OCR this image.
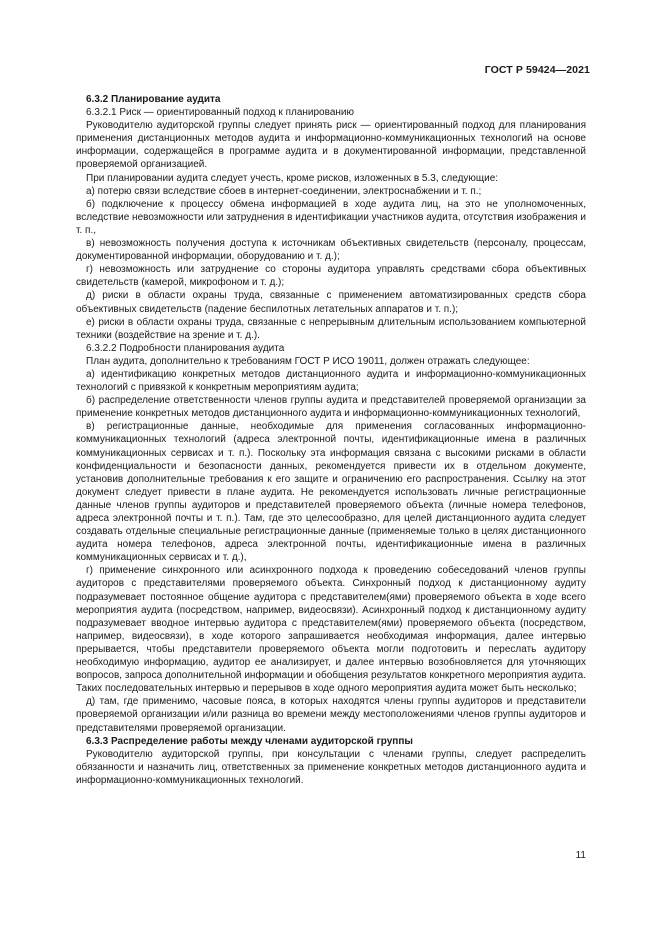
ГОСТ Р 59424—2021

6.3.2 Планирование аудита

6.3.2.1 Риск — ориентированный подход к планированию

Руководителю аудиторской группы следует принять риск — ориентированный подход для планирования применения дистанционных методов аудита и информационно-коммуникационных технологий на основе информации, содержащейся в программе аудита и в документированной информации, представленной проверяемой организацией.

При планировании аудита следует учесть, кроме рисков, изложенных в 5.3, следующие:

а) потерю связи вследствие сбоев в интернет-соединении, электроснабжении и т. п.;

б) подключение к процессу обмена информацией в ходе аудита лиц, на это не уполномоченных, вследствие невозможности или затруднения в идентификации участников аудита, отсутствия изображения и т. п.,

в) невозможность получения доступа к источникам объективных свидетельств (персоналу, процессам, документированной информации, оборудованию и т. д.);

г) невозможность или затруднение со стороны аудитора управлять средствами сбора объективных свидетельств (камерой, микрофоном и т. д.);

д) риски в области охраны труда, связанные с применением автоматизированных средств сбора объективных свидетельств (падение беспилотных летательных аппаратов и т. п.);

е) риски в области охраны труда, связанные с непрерывным длительным использованием компьютерной техники (воздействие на зрение и т. д.).

6.3.2.2 Подробности планирования аудита

План аудита, дополнительно к требованиям ГОСТ Р ИСО 19011, должен отражать следующее:

а) идентификацию конкретных методов дистанционного аудита и информационно-коммуникационных технологий с привязкой к конкретным мероприятиям аудита;

б) распределение ответственности членов группы аудита и представителей проверяемой организации за применение конкретных методов дистанционного аудита и информационно-коммуникационных технологий,

в) регистрационные данные, необходимые для применения согласованных информационно-коммуникационных технологий (адреса электронной почты, идентификационные имена в различных коммуникационных сервисах и т. п.). Поскольку эта информация связана с высокими рисками в области конфиденциальности и безопасности данных, рекомендуется привести их в отдельном документе, установив дополнительные требования к его защите и ограничению его распространения. Ссылку на этот документ следует привести в плане аудита. Не рекомендуется использовать личные регистрационные данные членов группы аудиторов и представителей проверяемого объекта (личные номера телефонов, адреса электронной почты и т. п.). Там, где это целесообразно, для целей дистанционного аудита следует создавать отдельные специальные регистрационные данные (применяемые только в целях дистанционного аудита номера телефонов, адреса электронной почты, идентификационные имена в различных коммуникационных сервисах и т. д.),

г) применение синхронного или асинхронного подхода к проведению собеседований членов группы аудиторов с представителями проверяемого объекта. Синхронный подход к дистанционному аудиту подразумевает постоянное общение аудитора с представителем(ями) проверяемого объекта в ходе всего мероприятия аудита (посредством, например, видеосвязи). Асинхронный подход к дистанционному аудиту подразумевает вводное интервью аудитора с представителем(ями) проверяемого объекта (посредством, например, видеосвязи), в ходе которого запрашивается необходимая информация, далее интервью прерывается, чтобы представители проверяемого объекта могли подготовить и переслать аудитору необходимую информацию, аудитор ее анализирует, и далее интервью возобновляется для уточняющих вопросов, запроса дополнительной информации и обобщения результатов конкретного мероприятия аудита. Таких последовательных интервью и перерывов в ходе одного мероприятия аудита может быть несколько;

д) там, где применимо, часовые пояса, в которых находятся члены группы аудиторов и представители проверяемой организации и/или разница во времени между местоположениями членов группы аудиторов и представителями проверяемой организации.

6.3.3 Распределение работы между членами аудиторской группы

Руководителю аудиторской группы, при консультации с членами группы, следует распределить обязанности и назначить лиц, ответственных за применение конкретных методов дистанционного аудита и информационно-коммуникационных технологий.

11
